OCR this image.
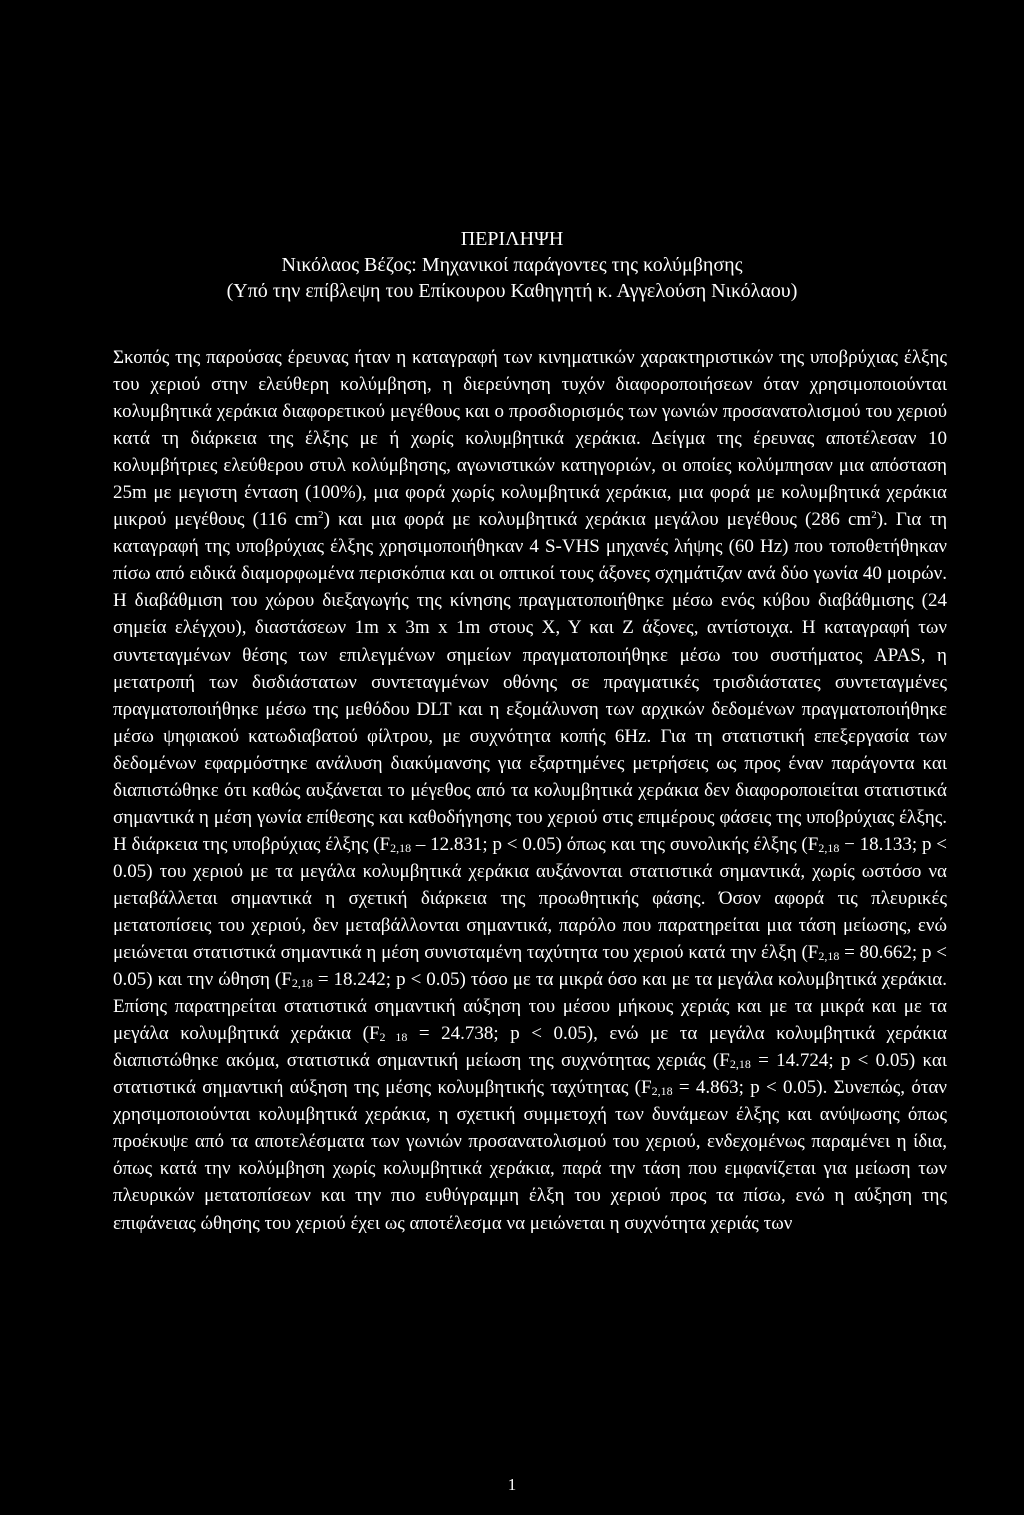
ΠΕΡΙΛΗΨΗ
Νικόλαος Βέζος: Μηχανικοί παράγοντες της κολύμβησης
(Υπό την επίβλεψη του Επίκουρου Καθηγητή κ. Αγγελούση Νικόλαου)

Σκοπός της παρούσας έρευνας ήταν η καταγραφή των κινηματικών χαρακτηριστικών της υποβρύχιας έλξης του χεριού στην ελεύθερη κολύμβηση, η διερεύνηση τυχόν διαφοροποιήσεων όταν χρησιμοποιούνται κολυμβητικά χεράκια διαφορετικού μεγέθους και ο προσδιορισμός των γωνιών προσανατολισμού του χεριού κατά τη διάρκεια της έλξης με ή χωρίς κολυμβητικά χεράκια. Δείγμα της έρευνας αποτέλεσαν 10 κολυμβήτριες ελεύθερου στυλ κολύμβησης, αγωνιστικών κατηγοριών, οι οποίες κολύμπησαν μια απόσταση 25m με μεγιστη ένταση (100%), μια φορά χωρίς κολυμβητικά χεράκια, μια φορά με κολυμβητικά χεράκια μικρού μεγέθους (116 $cm^2$) και μια φορά με κολυμβητικά χεράκια μεγάλου μεγέθους (286 $cm^2$). Για τη καταγραφή της υποβρύχιας έλξης χρησιμοποιήθηκαν 4 S-VHS μηχανές λήψης (60 Hz) που τοποθετήθηκαν πίσω από ειδικά διαμορφωμένα περισκόπια και οι οπτικοί τους άξονες σχημάτιζαν ανά δύο γωνία 40 μοιρών. Η διαβάθμιση του χώρου διεξαγωγής της κίνησης πραγματοποιήθηκε μέσω ενός κύβου διαβάθμισης (24 σημεία ελέγχου), διαστάσεων 1m x 3m x 1m στους X, Y και Z άξονες, αντίστοιχα. Η καταγραφή των συντεταγμένων θέσης των επιλεγμένων σημείων πραγματοποιήθηκε μέσω του συστήματος APAS, η μετατροπή των δισδιάστατων συντεταγμένων οθόνης σε πραγματικές τρισδιάστατες συντεταγμένες πραγματοποιήθηκε μέσω της μεθόδου DLT και η εξομάλυνση των αρχικών δεδομένων πραγματοποιήθηκε μέσω ψηφιακού κατωδιαβατού φίλτρου, με συχνότητα κοπής 6Hz. Για τη στατιστική επεξεργασία των δεδομένων εφαρμόστηκε ανάλυση διακύμανσης για εξαρτημένες μετρήσεις ως προς έναν παράγοντα και διαπιστώθηκε ότι καθώς αυξάνεται το μέγεθος από τα κολυμβητικά χεράκια δεν διαφοροποιείται στατιστικά σημαντικά η μέση γωνία επίθεσης και καθοδήγησης του χεριού στις επιμέρους φάσεις της υποβρύχιας έλξης. Η διάρκεια της υποβρύχιας έλξης ($F_{2,18} - 12.831$; p < 0.05) όπως και της συνολικής έλξης ($F_{2,18} - 18.133$; p < 0.05) του χεριού με τα μεγάλα κολυμβητικά χεράκια αυξάνονται στατιστικά σημαντικά, χωρίς ωστόσο να μεταβάλλεται σημαντικά η σχετική διάρκεια της προωθητικής φάσης. Όσον αφορά τις πλευρικές μετατοπίσεις του χεριού, δεν μεταβάλλονται σημαντικά, παρόλο που παρατηρείται μια τάση μείωσης, ενώ μειώνεται στατιστικά σημαντικά η μέση συνισταμένη ταχύτητα του χεριού κατά την έλξη ($F_{2,18} = 80.662$; p < 0.05) και την ώθηση ($F_{2,18} = 18.242$; p < 0.05) τόσο με τα μικρά όσο και με τα μεγάλα κολυμβητικά χεράκια. Επίσης παρατηρείται στατιστικά σημαντική αύξηση του μέσου μήκους χεριάς και με τα μικρά και με τα μεγάλα κολυμβητικά χεράκια ($F_{2 18} = 24.738$; p < 0.05), ενώ με τα μεγάλα κολυμβητικά χεράκια διαπιστώθηκε ακόμα, στατιστικά σημαντική μείωση της συχνότητας χεριάς ($F_{2,18} = 14.724$; p < 0.05) και στατιστικά σημαντική αύξηση της μέσης κολυμβητικής ταχύτητας ($F_{2,18} = 4.863$; p < 0.05). Συνεπώς, όταν χρησιμοποιούνται κολυμβητικά χεράκια, η σχετική συμμετοχή των δυνάμεων έλξης και ανύψωσης όπως προέκυψε από τα αποτελέσματα των γωνιών προσανατολισμού του χεριού, ενδεχομένως παραμένει η ίδια, όπως κατά την κολύμβηση χωρίς κολυμβητικά χεράκια, παρά την τάση που εμφανίζεται για μείωση των πλευρικών μετατοπίσεων και την πιο ευθύγραμμη έλξη του χεριού προς τα πίσω, ενώ η αύξηση της επιφάνειας ώθησης του χεριού έχει ως αποτέλεσμα να μειώνεται η συχνότητα χεριάς των

1
